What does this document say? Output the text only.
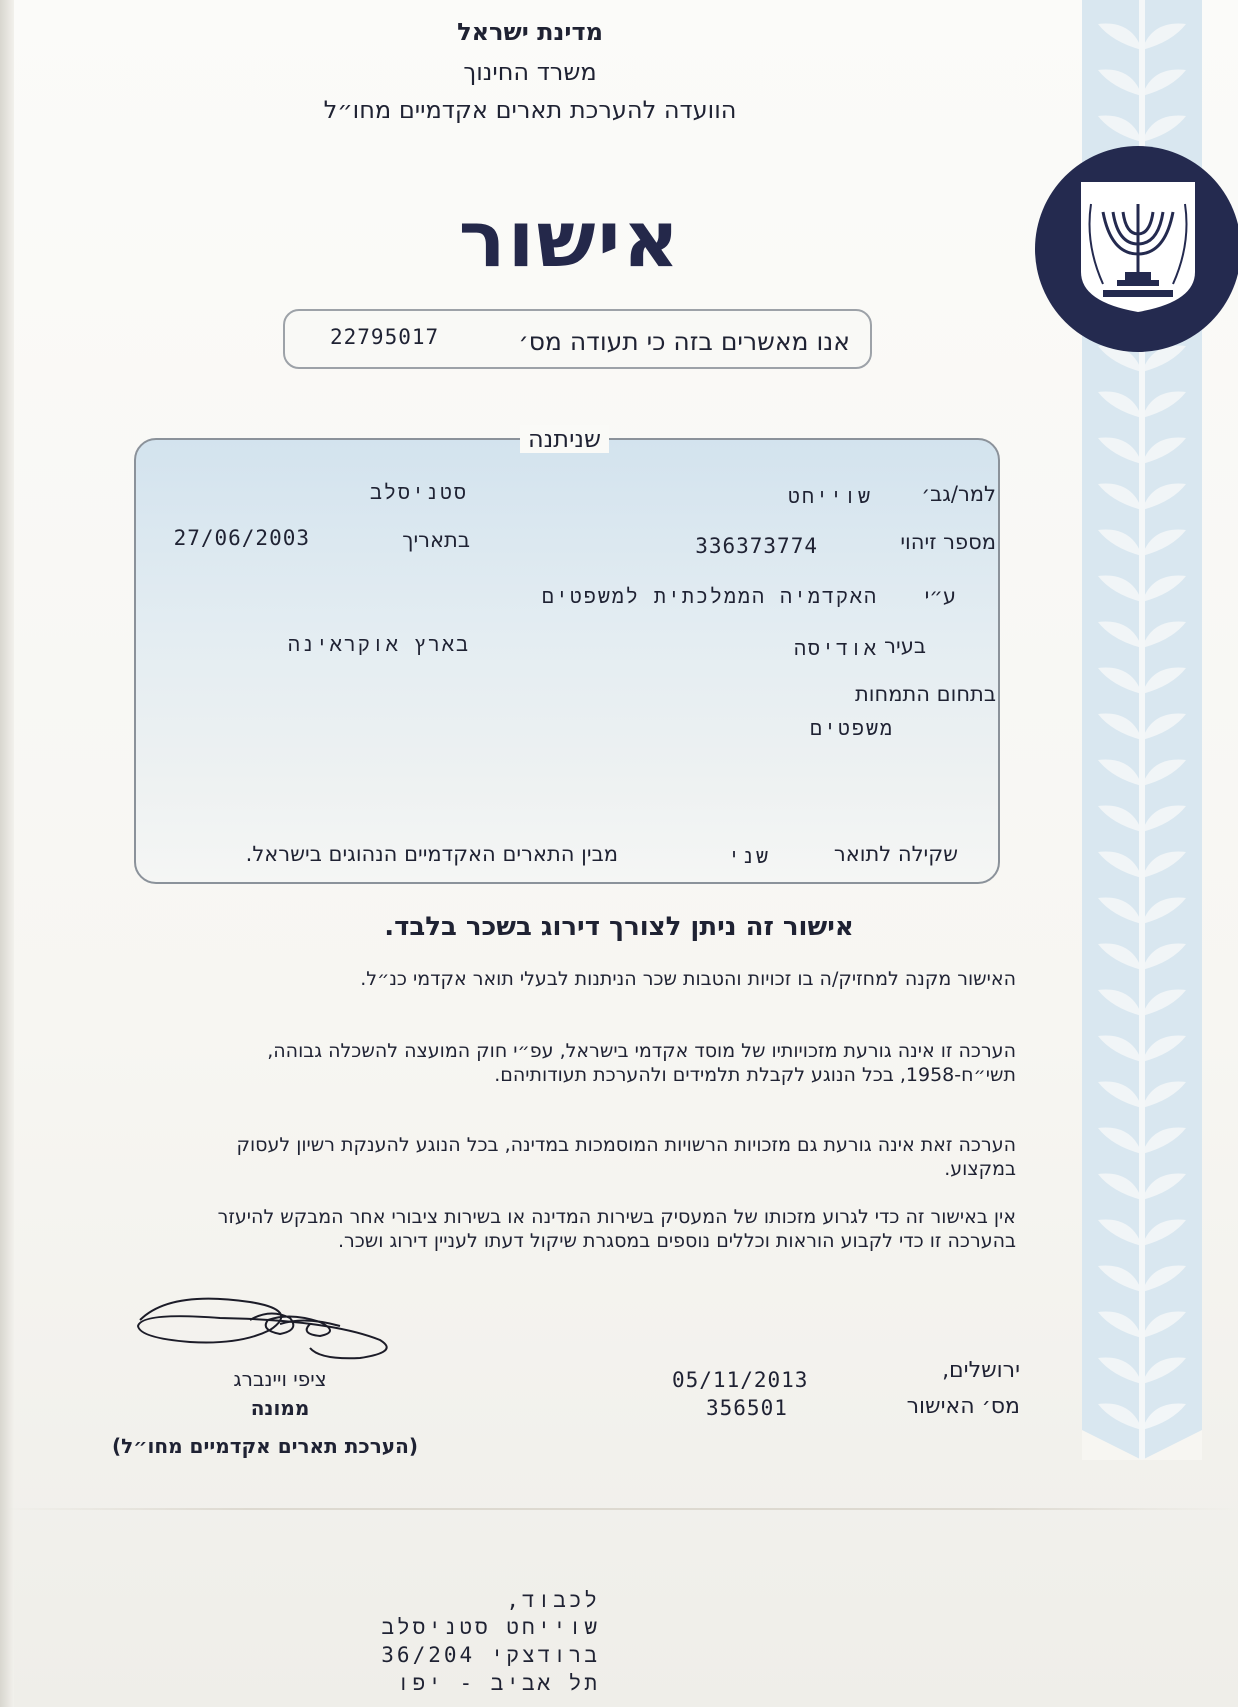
מדינת ישראל
משרד החינוך
הוועדה להערכת תארים אקדמיים מחו״ל
אישור
אנו מאשרים בזה כי תעודה מס׳
22795017
שניתנה
למר/גב׳
שוייחט
סטניסלב
מספר זיהוי
336373774
בתאריך
27/06/2003
ע״י
האקדמיה הממלכתית למשפטים
בעיר
אודיסה
בארץ אוקראינה
בתחום התמחות
משפטים
שקילה לתואר
שני
מבין התארים האקדמיים הנהוגים בישראל.
אישור זה ניתן לצורך דירוג בשכר בלבד.
האישור מקנה למחזיק/ה בו זכויות והטבות שכר הניתנות לבעלי תואר אקדמי כנ״ל.
הערכה זו אינה גורעת מזכויותיו של מוסד אקדמי בישראל, עפ״י חוק המועצה להשכלה גבוהה, תשי״ח-1958, בכל הנוגע לקבלת תלמידים ולהערכת תעודותיהם.
הערכה זאת אינה גורעת גם מזכויות הרשויות המוסמכות במדינה, בכל הנוגע להענקת רשיון לעסוק במקצוע.
אין באישור זה כדי לגרוע מזכותו של המעסיק בשירות המדינה או בשירות ציבורי אחר המבקש להיעזר בהערכה זו כדי לקבוע הוראות וכללים נוספים במסגרת שיקול דעתו לעניין דירוג ושכר.
ציפי ויינברג
ממונה
(הערכת תארים אקדמיים מחו״ל)
05/11/2013
356501
ירושלים,
מס׳ האישור
לכבוד,
שוייחט סטניסלב
ברודצקי 36/204
תל אביב - יפו
